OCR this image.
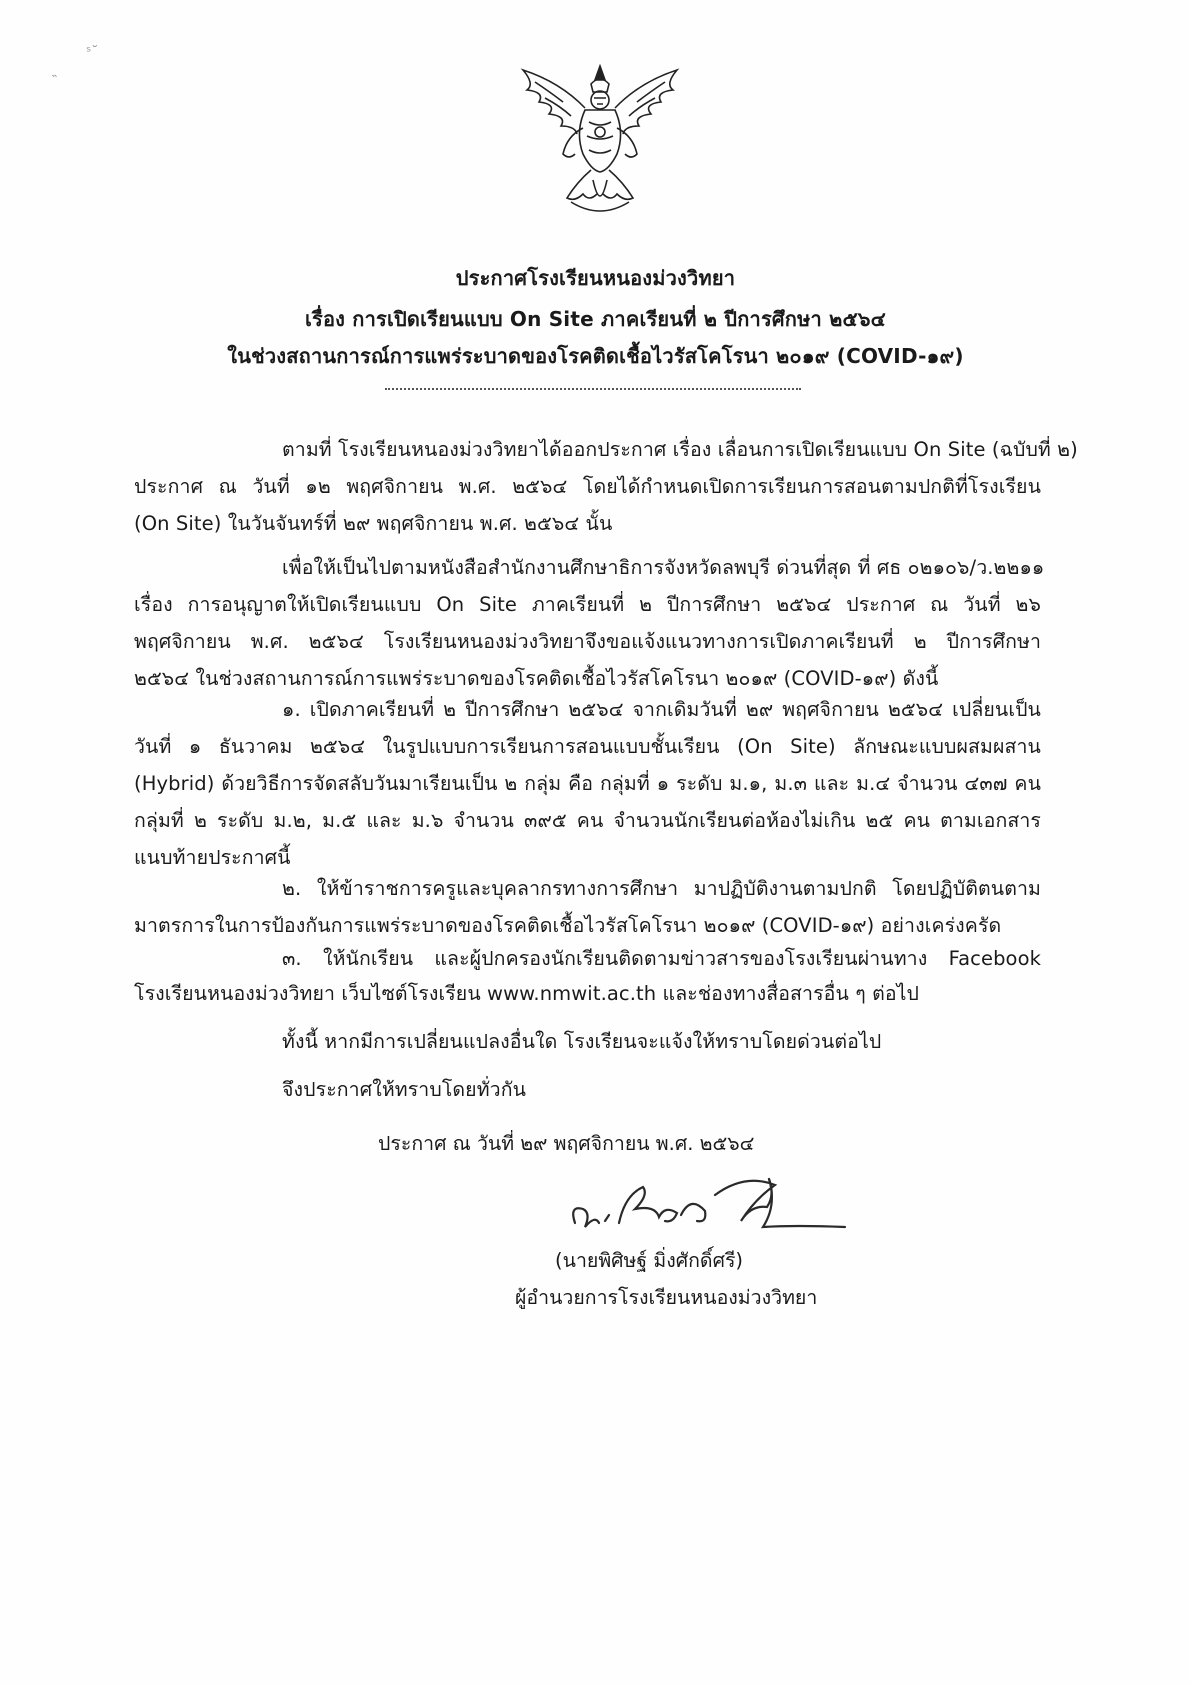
ˢ˘
˵
ประกาศโรงเรียนหนองม่วงวิทยา
เรื่อง การเปิดเรียนแบบ On Site ภาคเรียนที่ ๒ ปีการศึกษา ๒๕๖๔
ในช่วงสถานการณ์การแพร่ระบาดของโรคติดเชื้อไวรัสโคโรนา ๒๐๑๙ (COVID-๑๙)
ตามที่ โรงเรียนหนองม่วงวิทยาได้ออกประกาศ เรื่อง เลื่อนการเปิดเรียนแบบ On Site (ฉบับที่ ๒)
ประกาศ ณ วันที่ ๑๒ พฤศจิกายน พ.ศ. ๒๕๖๔ โดยได้กำหนดเปิดการเรียนการสอนตามปกติที่โรงเรียน
(On Site) ในวันจันทร์ที่ ๒๙ พฤศจิกายน พ.ศ. ๒๕๖๔ นั้น
เพื่อให้เป็นไปตามหนังสือสำนักงานศึกษาธิการจังหวัดลพบุรี ด่วนที่สุด ที่ ศธ ๐๒๑๐๖/ว.๒๒๑๑
เรื่อง การอนุญาตให้เปิดเรียนแบบ On Site ภาคเรียนที่ ๒ ปีการศึกษา ๒๕๖๔ ประกาศ ณ วันที่ ๒๖
พฤศจิกายน พ.ศ. ๒๕๖๔ โรงเรียนหนองม่วงวิทยาจึงขอแจ้งแนวทางการเปิดภาคเรียนที่ ๒ ปีการศึกษา
๒๕๖๔ ในช่วงสถานการณ์การแพร่ระบาดของโรคติดเชื้อไวรัสโคโรนา ๒๐๑๙ (COVID-๑๙) ดังนี้
๑. เปิดภาคเรียนที่ ๒ ปีการศึกษา ๒๕๖๔ จากเดิมวันที่ ๒๙ พฤศจิกายน ๒๕๖๔ เปลี่ยนเป็น
วันที่ ๑ ธันวาคม ๒๕๖๔ ในรูปแบบการเรียนการสอนแบบชั้นเรียน (On Site) ลักษณะแบบผสมผสาน
(Hybrid) ด้วยวิธีการจัดสลับวันมาเรียนเป็น ๒ กลุ่ม คือ กลุ่มที่ ๑ ระดับ ม.๑, ม.๓ และ ม.๔ จำนวน ๔๓๗ คน
กลุ่มที่ ๒ ระดับ ม.๒, ม.๕ และ ม.๖ จำนวน ๓๙๕ คน จำนวนนักเรียนต่อห้องไม่เกิน ๒๕ คน ตามเอกสาร
แนบท้ายประกาศนี้
๒. ให้ข้าราชการครูและบุคลากรทางการศึกษา มาปฏิบัติงานตามปกติ โดยปฏิบัติตนตาม
มาตรการในการป้องกันการแพร่ระบาดของโรคติดเชื้อไวรัสโคโรนา ๒๐๑๙ (COVID-๑๙) อย่างเคร่งครัด
๓. ให้นักเรียน และผู้ปกครองนักเรียนติดตามข่าวสารของโรงเรียนผ่านทาง Facebook
โรงเรียนหนองม่วงวิทยา เว็บไซต์โรงเรียน www.nmwit.ac.th และช่องทางสื่อสารอื่น ๆ ต่อไป
ทั้งนี้ หากมีการเปลี่ยนแปลงอื่นใด โรงเรียนจะแจ้งให้ทราบโดยด่วนต่อไป
จึงประกาศให้ทราบโดยทั่วกัน
ประกาศ ณ วันที่ ๒๙ พฤศจิกายน พ.ศ. ๒๕๖๔
(นายพิศิษฐ์ มิ่งศักดิ์ศรี)
ผู้อำนวยการโรงเรียนหนองม่วงวิทยา
